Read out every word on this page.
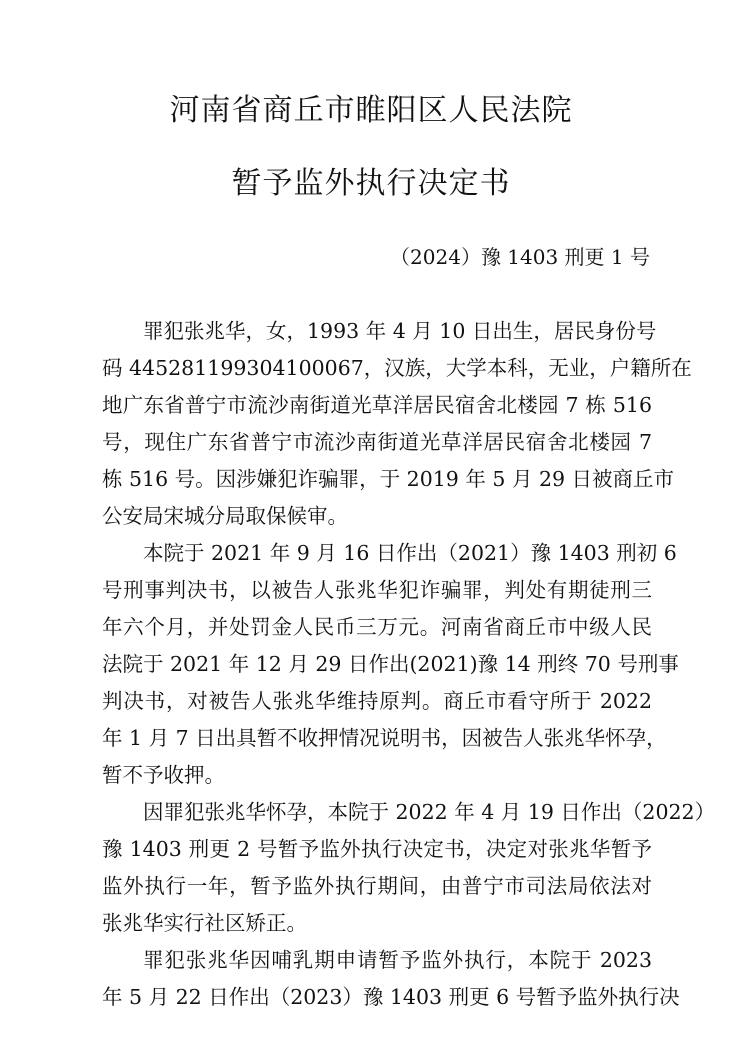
河南省商丘市睢阳区人民法院
暂予监外执行决定书
（2024）豫 1403 刑更 1 号
罪犯张兆华，女，1993 年 4 月 10 日出生，居民身份号
码 445281199304100067，汉族，大学本科，无业，户籍所在
地广东省普宁市流沙南街道光草洋居民宿舍北楼园 7 栋 516
号，现住广东省普宁市流沙南街道光草洋居民宿舍北楼园 7
栋 516 号。因涉嫌犯诈骗罪，于 2019 年 5 月 29 日被商丘市
公安局宋城分局取保候审。
本院于 2021 年 9 月 16 日作出（2021）豫 1403 刑初 6
号刑事判决书，以被告人张兆华犯诈骗罪，判处有期徒刑三
年六个月，并处罚金人民币三万元。河南省商丘市中级人民
法院于 2021 年 12 月 29 日作出(2021)豫 14 刑终 70 号刑事
判决书，对被告人张兆华维持原判。商丘市看守所于 2022
年 1 月 7 日出具暂不收押情况说明书，因被告人张兆华怀孕，
暂不予收押。
因罪犯张兆华怀孕，本院于 2022 年 4 月 19 日作出（2022）
豫 1403 刑更 2 号暂予监外执行决定书，决定对张兆华暂予
监外执行一年，暂予监外执行期间，由普宁市司法局依法对
张兆华实行社区矫正。
罪犯张兆华因哺乳期申请暂予监外执行，本院于 2023
年 5 月 22 日作出（2023）豫 1403 刑更 6 号暂予监外执行决
